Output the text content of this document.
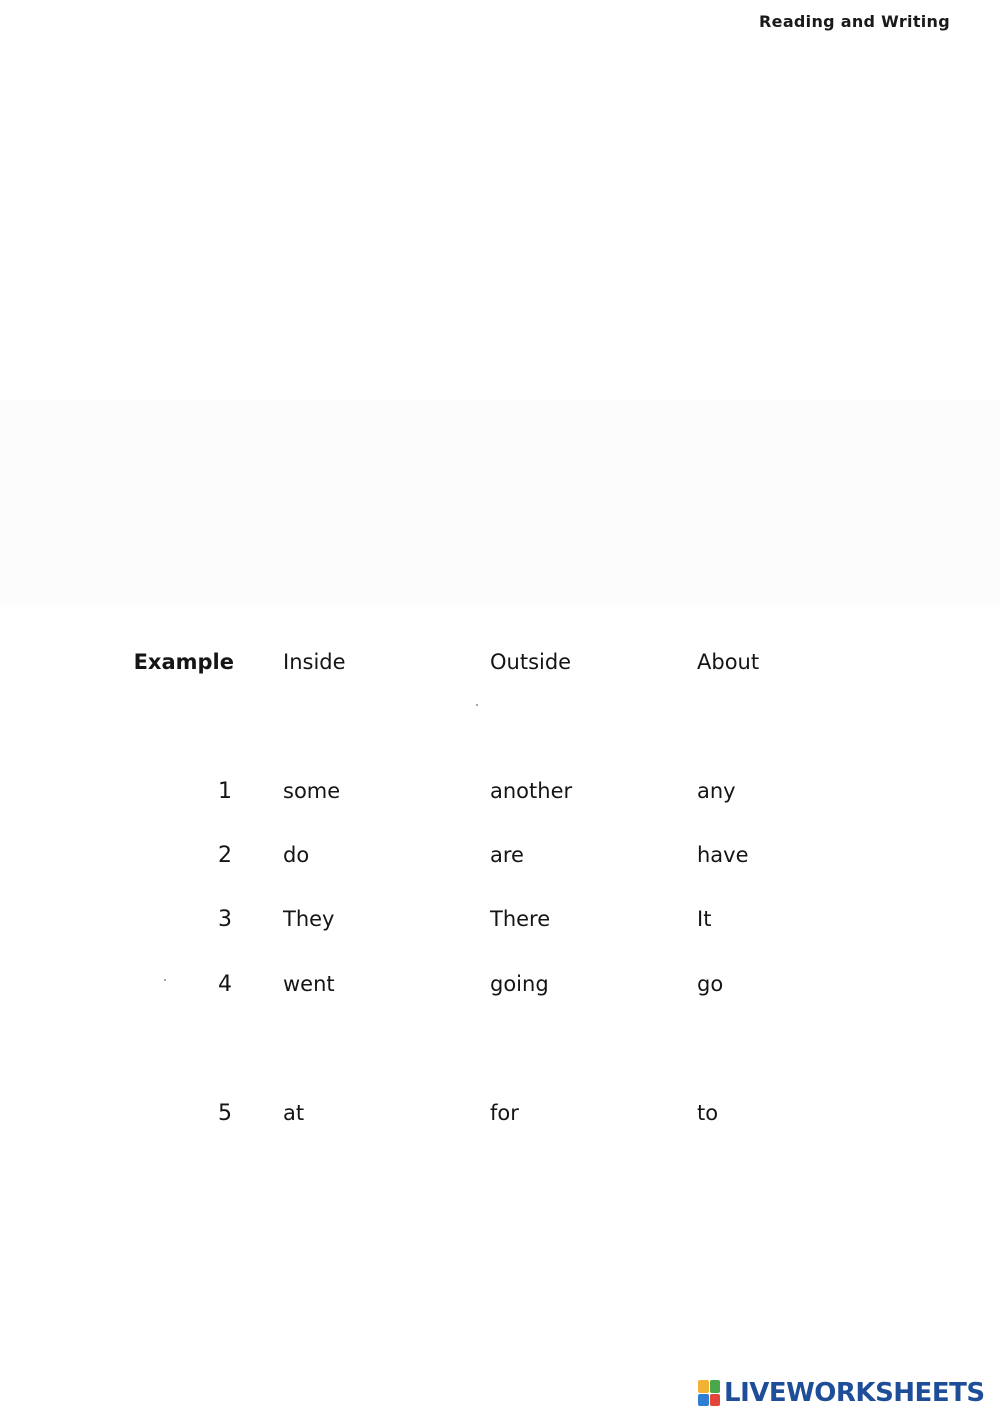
Reading and Writing
Example Inside	Outside	About
1 some	another	any
2 do	are	have
3 They	There	It
4 went	going	go
5 at	for	to
LIVEWORKSHEETS
